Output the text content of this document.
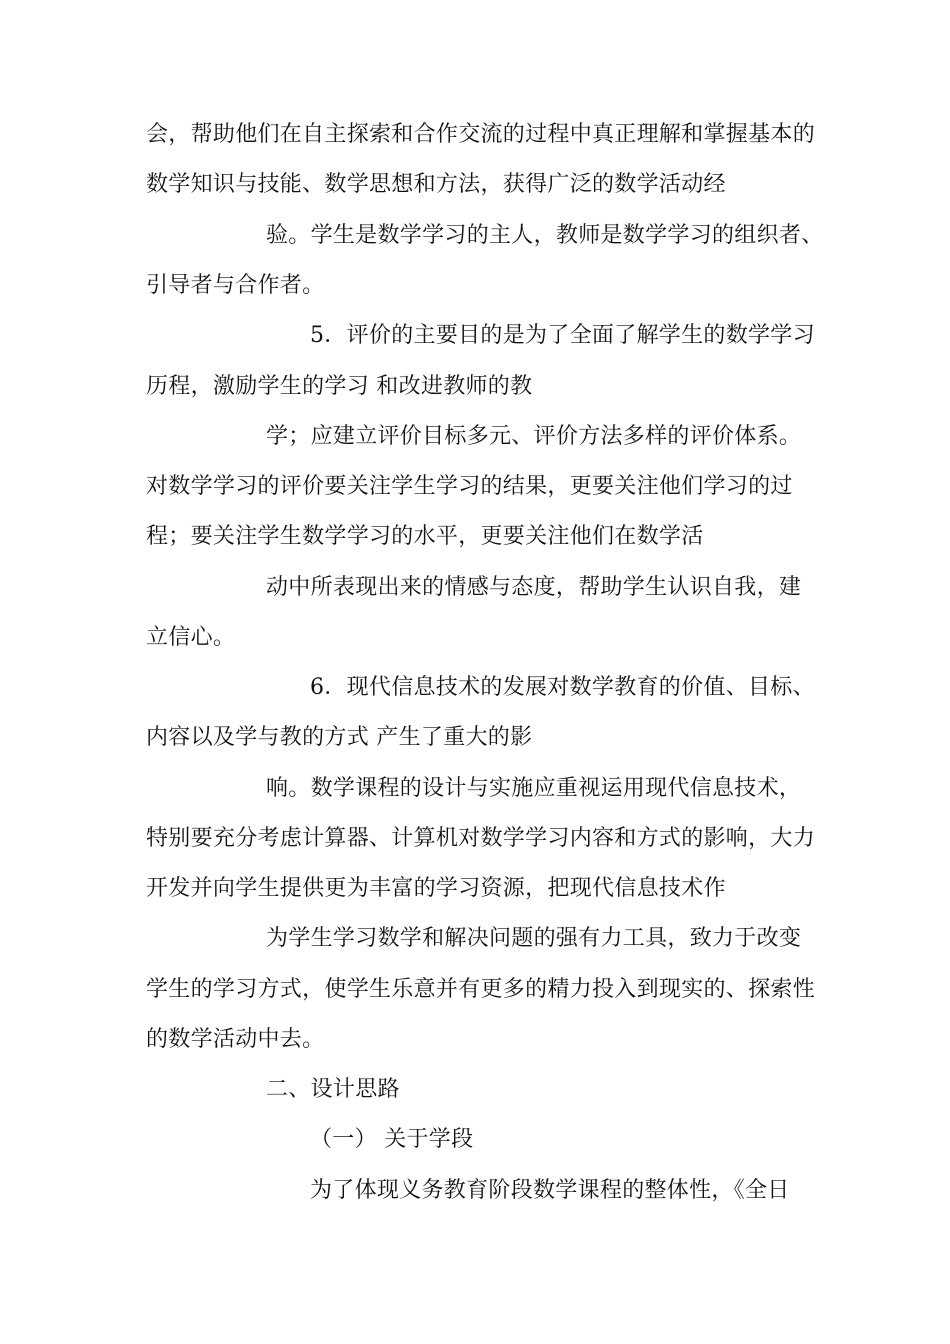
会，帮助他们在自主探索和合作交流的过程中真正理解和掌握基本的
数学知识与技能、数学思想和方法，获得广泛的数学活动经
验。学生是数学学习的主人，教师是数学学习的组织者、
引导者与合作者。
5．评价的主要目的是为了全面了解学生的数学学习
历程，激励学生的学习 和改进教师的教
学；应建立评价目标多元、评价方法多样的评价体系。
对数学学习的评价要关注学生学习的结果，更要关注他们学习的过
程；要关注学生数学学习的水平，更要关注他们在数学活
动中所表现出来的情感与态度，帮助学生认识自我，建
立信心。
6．现代信息技术的发展对数学教育的价值、目标、
内容以及学与教的方式 产生了重大的影
响。数学课程的设计与实施应重视运用现代信息技术，
特别要充分考虑计算器、计算机对数学学习内容和方式的影响，大力
开发并向学生提供更为丰富的学习资源，把现代信息技术作
为学生学习数学和解决问题的强有力工具，致力于改变
学生的学习方式，使学生乐意并有更多的精力投入到现实的、探索性
的数学活动中去。
二、设计思路
（一） 关于学段
为了体现义务教育阶段数学课程的整体性，《全日
